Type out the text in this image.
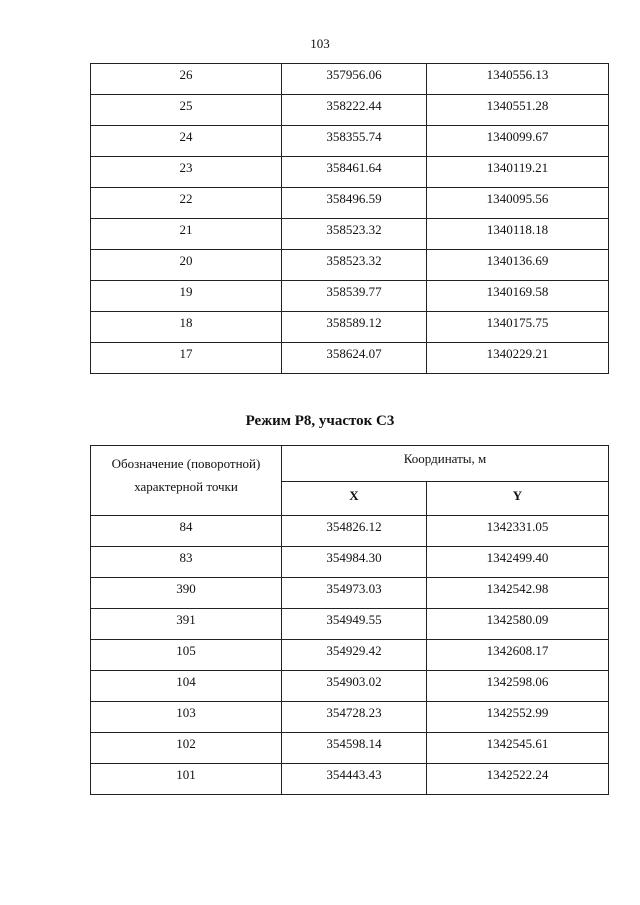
103
26	357956.06	1340556.13
25	358222.44	1340551.28
24	358355.74	1340099.67
23	358461.64	1340119.21
22	358496.59	1340095.56
21	358523.32	1340118.18
20	358523.32	1340136.69
19	358539.77	1340169.58
18	358589.12	1340175.75
17	358624.07	1340229.21
Режим Р8, участок С3
Обозначение (поворотной)
характерной точки	Координаты, м	
	X	Y
84	354826.12	1342331.05
83	354984.30	1342499.40
390	354973.03	1342542.98
391	354949.55	1342580.09
105	354929.42	1342608.17
104	354903.02	1342598.06
103	354728.23	1342552.99
102	354598.14	1342545.61
101	354443.43	1342522.24
